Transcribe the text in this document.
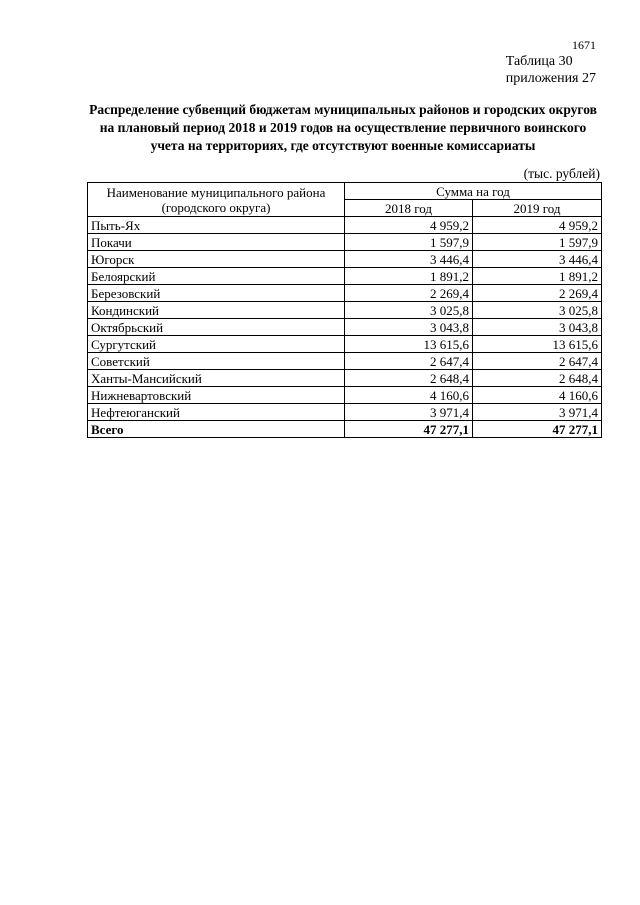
1671
Таблица 30
приложения 27
Распределение субвенций бюджетам муниципальных районов и городских округов на плановый период 2018 и 2019 годов на осуществление первичного воинского учета на территориях, где отсутствуют военные комиссариаты
(тыс. рублей)
Наименование муниципального района
(городского округа)	Сумма на год	
	2018 год	2019 год
Пыть-Ях	4 959,2	4 959,2
Покачи	1 597,9	1 597,9
Югорск	3 446,4	3 446,4
Белоярский	1 891,2	1 891,2
Березовский	2 269,4	2 269,4
Кондинский	3 025,8	3 025,8
Октябрьский	3 043,8	3 043,8
Сургутский	13 615,6	13 615,6
Советский	2 647,4	2 647,4
Ханты-Мансийский	2 648,4	2 648,4
Нижневартовский	4 160,6	4 160,6
Нефтеюганский	3 971,4	3 971,4
Всего	47 277,1	47 277,1
